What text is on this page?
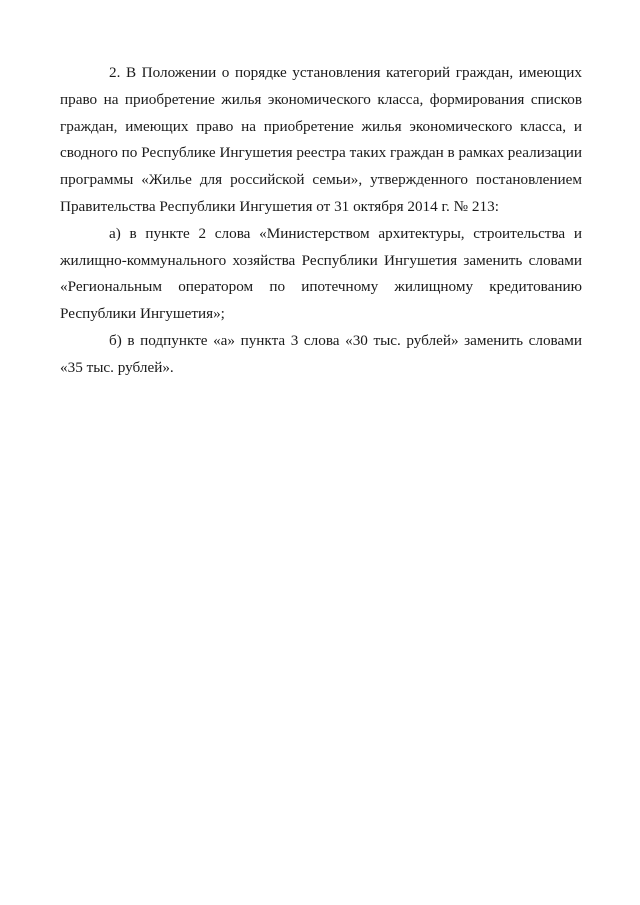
2. В Положении о порядке установления категорий граждан, имеющих право на приобретение жилья экономического класса, формирования списков граждан, имеющих право на приобретение жилья экономического класса, и сводного по Республике Ингушетия реестра таких граждан в рамках реализации программы «Жилье для российской семьи», утвержденного постановлением Правительства Республики Ингушетия от 31 октября 2014 г. № 213:

а) в пункте 2 слова «Министерством архитектуры, строительства и жилищно-коммунального хозяйства Республики Ингушетия заменить словами «Региональным оператором по ипотечному жилищному кредитованию Республики Ингушетия»;

б) в подпункте «а» пункта 3 слова «30 тыс. рублей» заменить словами «35 тыс. рублей».
